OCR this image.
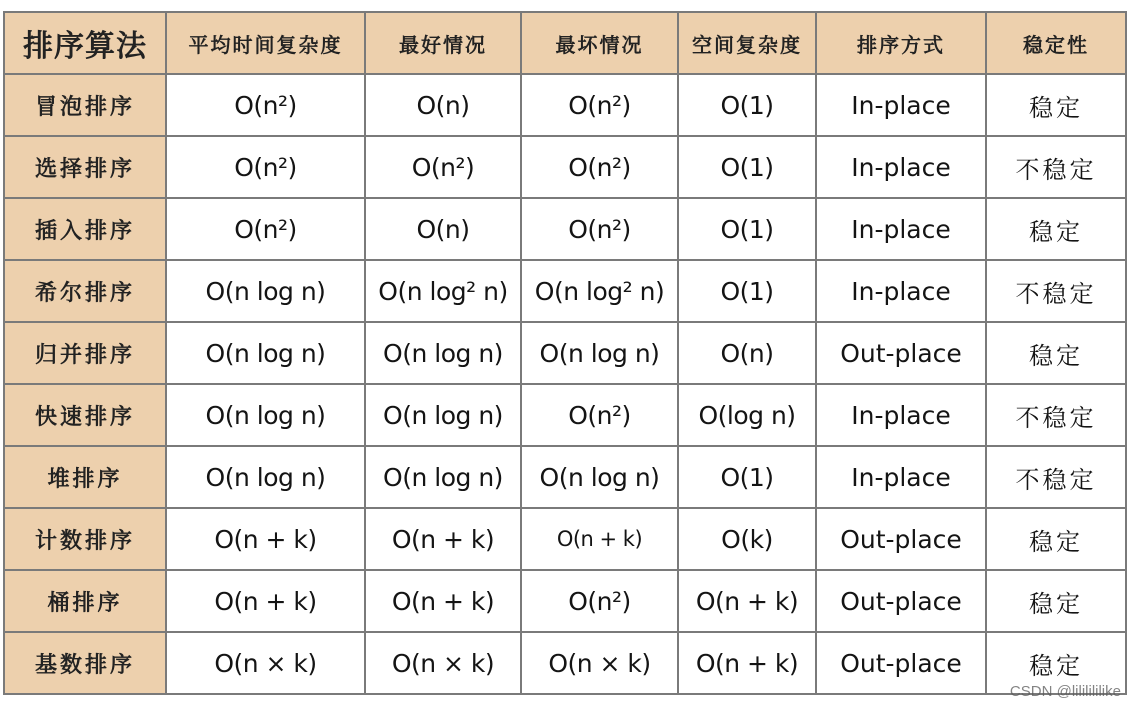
排序算法	平均时间复杂度	最好情况	最坏情况	空间复杂度	排序方式	稳定性
冒泡排序	O(n²)	O(n)	O(n²)	O(1)	In-place	稳定
选择排序	O(n²)	O(n²)	O(n²)	O(1)	In-place	不稳定
插入排序	O(n²)	O(n)	O(n²)	O(1)	In-place	稳定
希尔排序	O(n log n)	O(n log² n)	O(n log² n)	O(1)	In-place	不稳定
归并排序	O(n log n)	O(n log n)	O(n log n)	O(n)	Out-place	稳定
快速排序	O(n log n)	O(n log n)	O(n²)	O(log n)	In-place	不稳定
堆排序	O(n log n)	O(n log n)	O(n log n)	O(1)	In-place	不稳定
计数排序	O(n + k)	O(n + k)	O(n + k)	O(k)	Out-place	稳定
桶排序	O(n + k)	O(n + k)	O(n²)	O(n + k)	Out-place	稳定
基数排序	O(n × k)	O(n × k)	O(n × k)	O(n + k)	Out-place	稳定
CSDN @lililililike
